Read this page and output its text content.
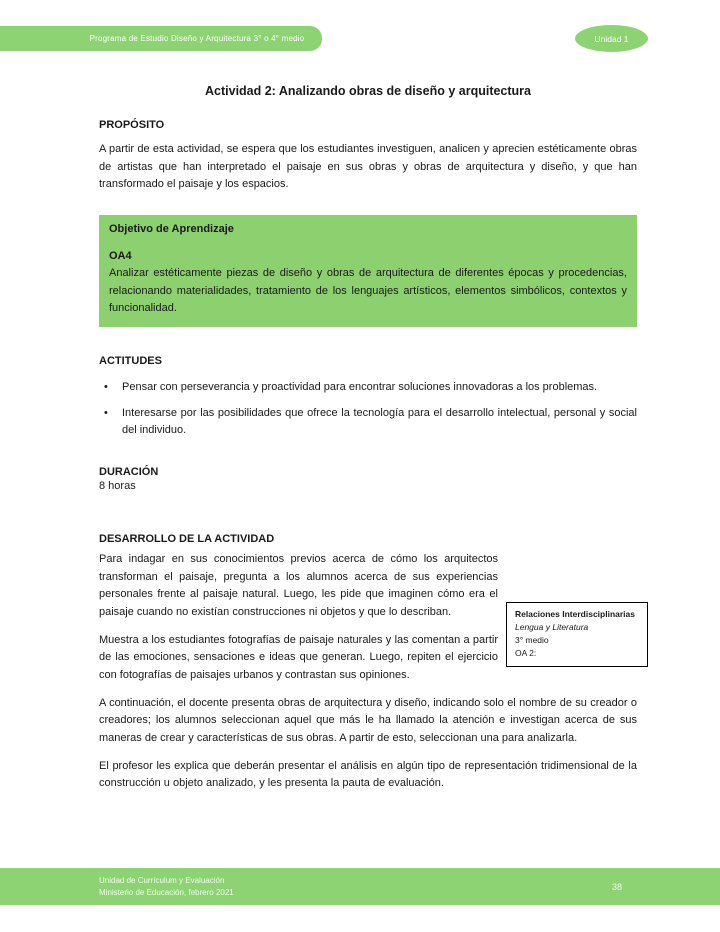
Programa de Estudio Diseño y Arquitectura 3° o 4° medio	Unidad 1
Actividad 2: Analizando obras de diseño y arquitectura
PROPÓSITO

A partir de esta actividad, se espera que los estudiantes investiguen, analicen y aprecien estéticamente obras de artistas que han interpretado el paisaje en sus obras y obras de arquitectura y diseño, y que han transformado el paisaje y los espacios.

Objetivo de Aprendizaje
OA4

Analizar estéticamente piezas de diseño y obras de arquitectura de diferentes épocas y procedencias, relacionando materialidades, tratamiento de los lenguajes artísticos, elementos simbólicos, contextos y funcionalidad.

ACTITUDES
• Pensar con perseverancia y proactividad para encontrar soluciones innovadoras a los problemas.
• Interesarse por las posibilidades que ofrece la tecnología para el desarrollo intelectual, personal y social del individuo.
DURACIÓN

8 horas

DESARROLLO DE LA ACTIVIDAD
Relaciones Interdisciplinarias
Lengua y Literatura
3° medio
OA 2:

Para indagar en sus conocimientos previos acerca de cómo los arquitectos transforman el paisaje, pregunta a los alumnos acerca de sus experiencias personales frente al paisaje natural. Luego, les pide que imaginen cómo era el paisaje cuando no existían construcciones ni objetos y que lo describan.

Muestra a los estudiantes fotografías de paisaje naturales y las comentan a partir de las emociones, sensaciones e ideas que generan. Luego, repiten el ejercicio con fotografías de paisajes urbanos y contrastan sus opiniones.

A continuación, el docente presenta obras de arquitectura y diseño, indicando solo el nombre de su creador o creadores; los alumnos seleccionan aquel que más le ha llamado la atención e investigan acerca de sus maneras de crear y características de sus obras. A partir de esto, seleccionan una para analizarla.

El profesor les explica que deberán presentar el análisis en algún tipo de representación tridimensional de la construcción u objeto analizado, y les presenta la pauta de evaluación.

Unidad de Currículum y Evaluación
Ministerio de Educación, febrero 2021
38
